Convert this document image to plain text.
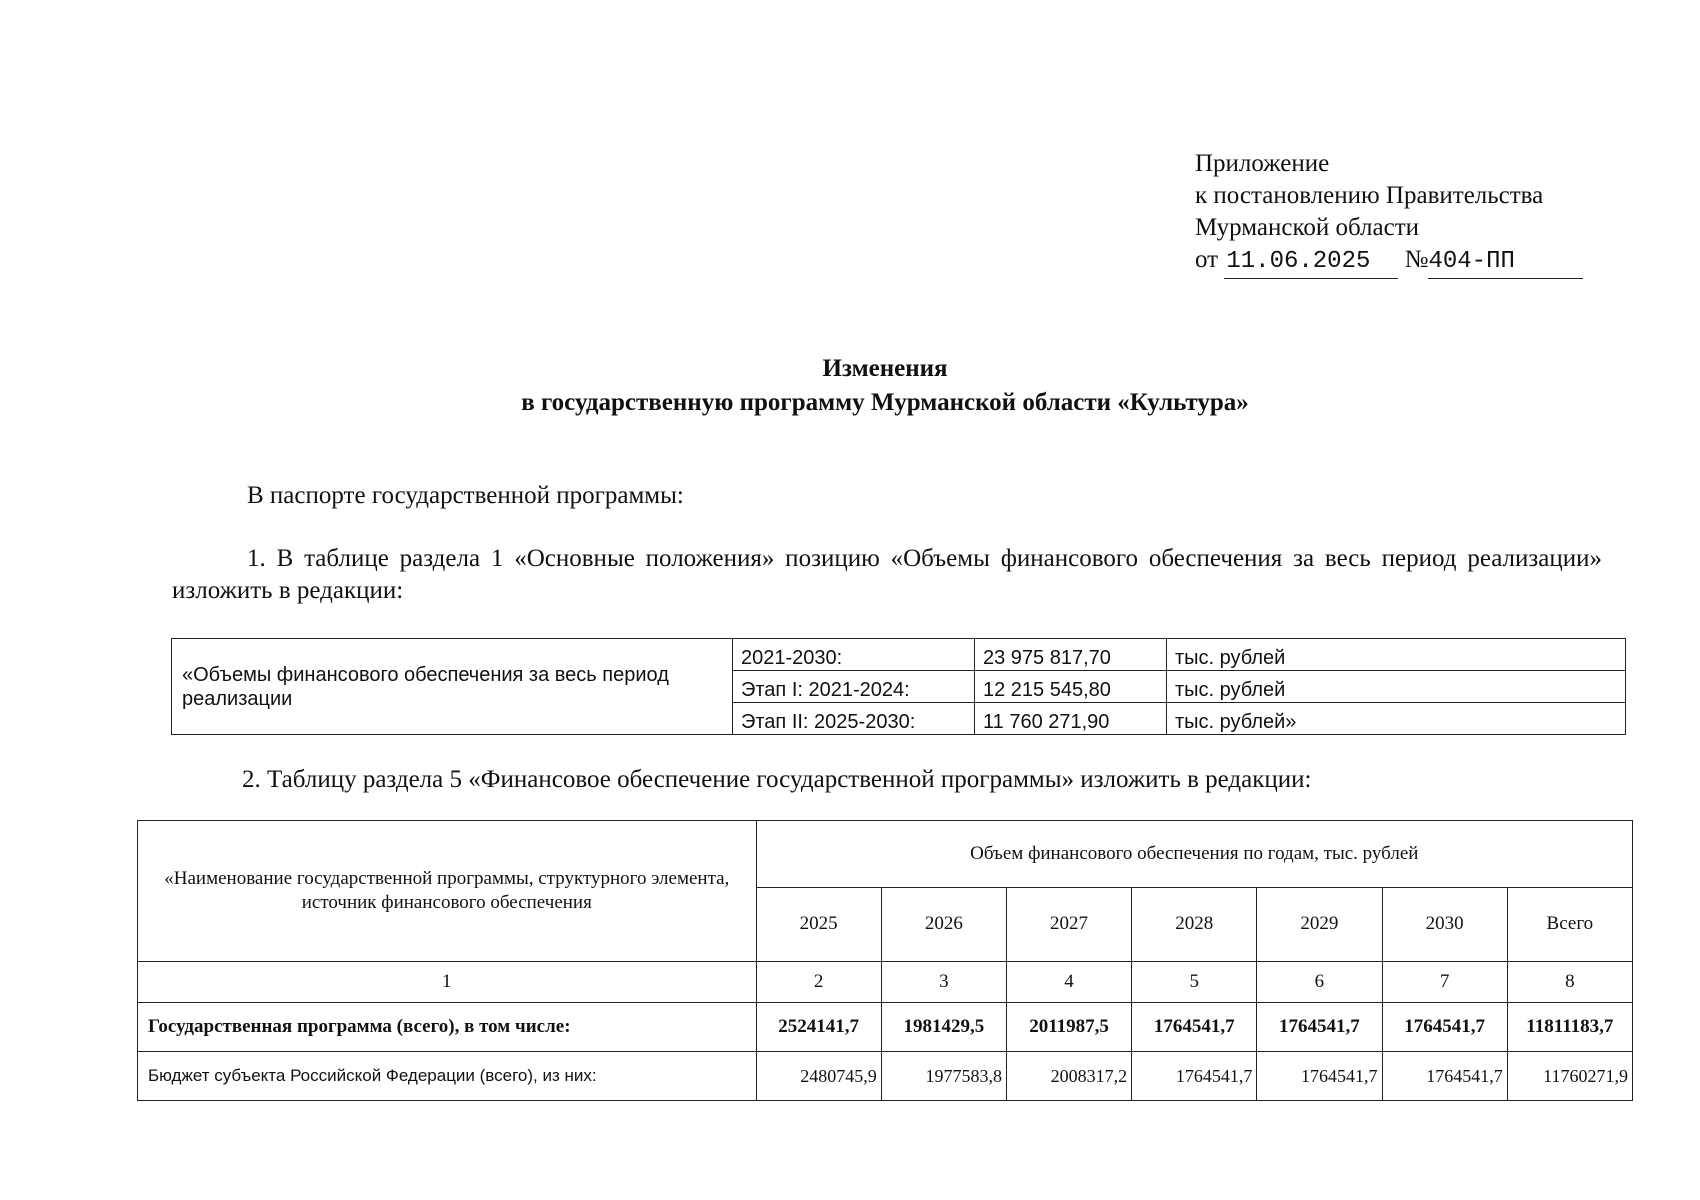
Приложение
к постановлению Правительства
Мурманской области
от 11.06.2025 №404-ПП
Изменения
в государственную программу Мурманской области «Культура»
В паспорте государственной программы:
1. В таблице раздела 1 «Основные положения» позицию «Объемы финансового обеспечения за весь период реализации» изложить в редакции:
«Объемы финансового обеспечения за весь период реализации	2021-2030:	23 975 817,70	тыс. рублей
	Этап I: 2021-2024:	12 215 545,80	тыс. рублей
	Этап II: 2025-2030:	11 760 271,90	тыс. рублей»
2. Таблицу раздела 5 «Финансовое обеспечение государственной программы» изложить в редакции:
«Наименование государственной программы, структурного элемента, источник финансового обеспечения	Объем финансового обеспечения по годам, тыс. рублей						
	2025	2026	2027	2028	2029	2030	Всего
1	2	3	4	5	6	7	8
Государственная программа (всего), в том числе:	2524141,7	1981429,5	2011987,5	1764541,7	1764541,7	1764541,7	11811183,7
Бюджет субъекта Российской Федерации (всего), из них:	2480745,9	1977583,8	2008317,2	1764541,7	1764541,7	1764541,7	11760271,9
